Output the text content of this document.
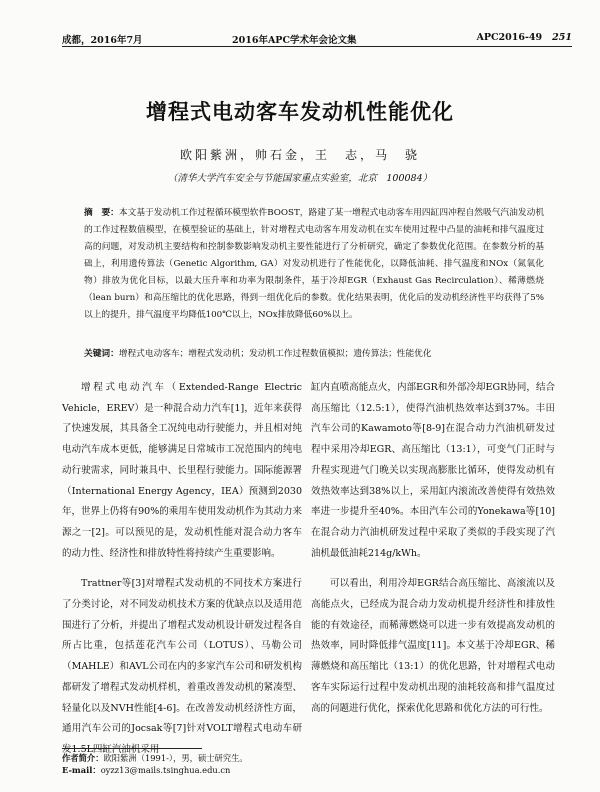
成都，2016年7月	2016年APC学术年会论文集	APC2016-49 251
增程式电动客车发动机性能优化
欧阳紫洲，帅石金，王　志，马　骁
（清华大学汽车安全与节能国家重点实验室，北京　100084）
摘　要：本文基于发动机工作过程循环模型软件BOOST，路建了某一增程式电动客车用四缸四冲程自然吸气汽油发动机的工作过程数值模型，在模型验证的基础上，针对增程式电动客车用发动机在实车使用过程中凸显的油耗和排气温度过高的问题，对发动机主要结构和控制参数影响发动机主要性能进行了分析研究，确定了参数优化范围。在参数分析的基础上，利用遗传算法（Genetic Algorithm, GA）对发动机进行了性能优化，以降低油耗、排气温度和NOx（氮氧化物）排放为优化目标，以最大压升率和功率为限制条件，基于冷却EGR（Exhaust Gas Recirculation）、稀薄燃烧（lean burn）和高压缩比的优化思路，得到一组优化后的参数。优化结果表明，优化后的发动机经济性平均获得了5%以上的提升，排气温度平均降低100℃以上，NOx排放降低60%以上。
关键词：增程式电动客车；增程式发动机；发动机工作过程数值模拟；遗传算法；性能优化

增程式电动汽车（Extended-Range Electric Vehicle，EREV）是一种混合动力汽车[1]，近年来获得了快速发展，其具备全工况纯电动行驶能力，并且相对纯电动汽车成本更低，能够满足日常城市工况范围内的纯电动行驶需求，同时兼具中、长里程行驶能力。国际能源署（International Energy Agency，IEA）预测到2030年，世界上仍将有90%的乘用车使用发动机作为其动力来源之一[2]。可以预见的是，发动机性能对混合动力客车的动力性、经济性和排放特性将持续产生重要影响。

Trattner等[3]对增程式发动机的不同技术方案进行了分类讨论，对不同发动机技术方案的优缺点以及适用范围进行了分析，并提出了增程式发动机设计研发过程各自所占比重，包括莲花汽车公司（LOTUS）、马勒公司（MAHLE）和AVL公司在内的多家汽车公司和研发机构都研发了增程式发动机样机，着重改善发动机的紧凑型、轻量化以及NVH性能[4-6]。在改善发动机经济性方面，通用汽车公司的Jocsak等[7]针对VOLT增程式电动车研发1.5L四缸汽油机采用

缸内直喷高能点火，内部EGR和外部冷却EGR协同，结合高压缩比（12.5:1），使得汽油机热效率达到37%。丰田汽车公司的Kawamoto等[8-9]在混合动力汽油机研发过程中采用冷却EGR、高压缩比（13:1），可变气门正时与升程实现进气门晚关以实现高膨胀比循环，使得发动机有效热效率达到38%以上，采用缸内滚流改善使得有效热效率进一步提升至40%。本田汽车公司的Yonekawa等[10]在混合动力汽油机研发过程中采取了类似的手段实现了汽油机最低油耗214g/kWh。

可以看出，利用冷却EGR结合高压缩比、高滚流以及高能点火，已经成为混合动力发动机提升经济性和排放性能的有效途径，而稀薄燃烧可以进一步有效提高发动机的热效率，同时降低排气温度[11]。本文基于冷却EGR、稀薄燃烧和高压缩比（13:1）的优化思路，针对增程式电动客车实际运行过程中发动机出现的油耗较高和排气温度过高的问题进行优化，探索优化思路和优化方法的可行性。

作者简介：欧阳紫洲（1991-），男，硕士研究生。
E-mail：oyzz13@mails.tsinghua.edu.cn
